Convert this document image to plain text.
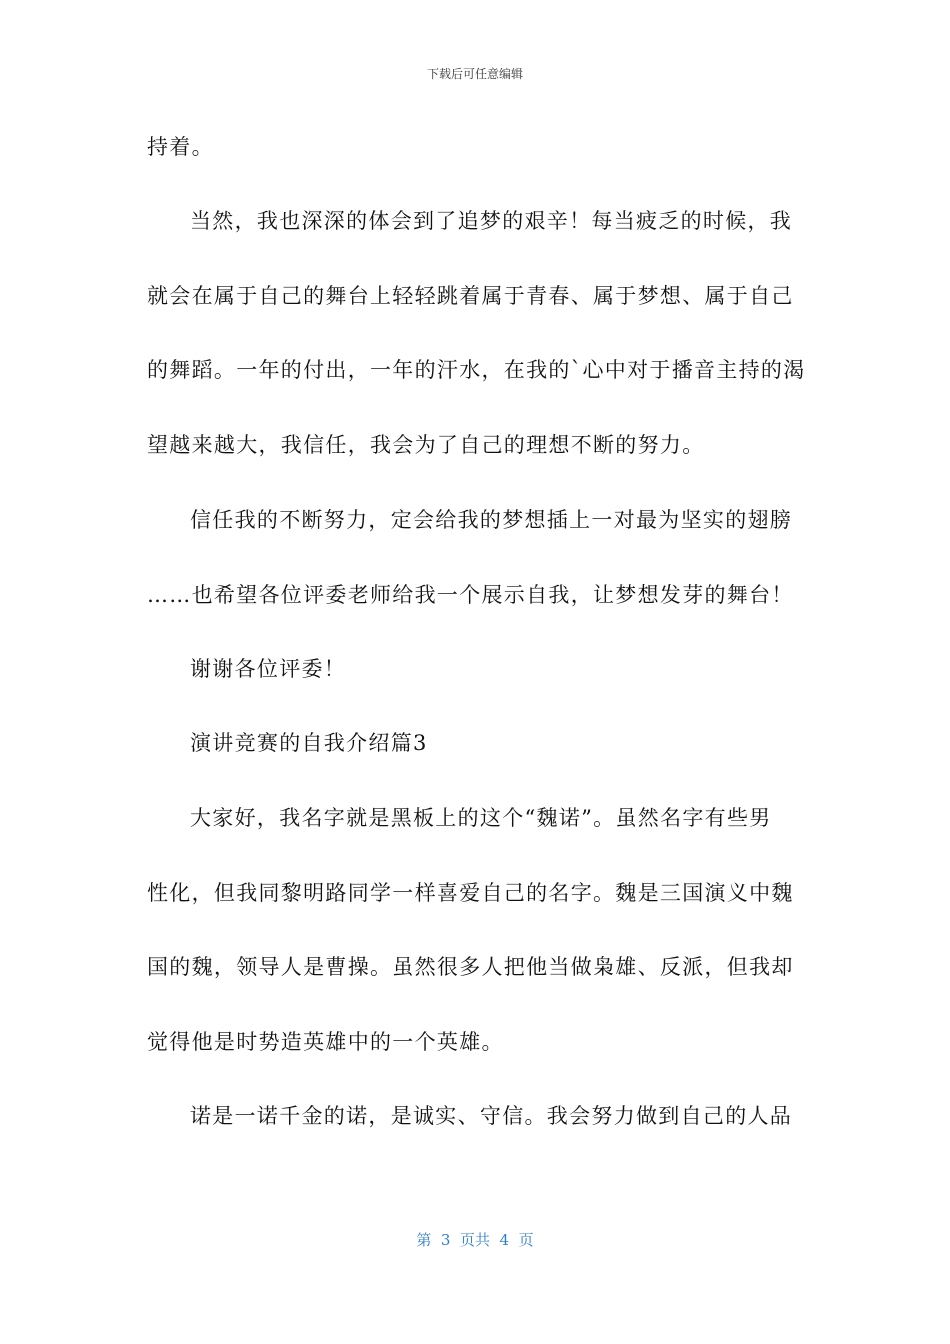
下载后可任意编辑
持着。
当然，我也深深的体会到了追梦的艰辛！每当疲乏的时候，我
就会在属于自己的舞台上轻轻跳着属于青春、属于梦想、属于自己
的舞蹈。一年的付出，一年的汗水，在我的`心中对于播音主持的渴
望越来越大，我信任，我会为了自己的理想不断的努力。
信任我的不断努力，定会给我的梦想插上一对最为坚实的翅膀
……也希望各位评委老师给我一个展示自我，让梦想发芽的舞台！
谢谢各位评委！
演讲竞赛的自我介绍篇3
大家好，我名字就是黑板上的这个“魏诺”。虽然名字有些男
性化，但我同黎明路同学一样喜爱自己的名字。魏是三国演义中魏
国的魏，领导人是曹操。虽然很多人把他当做枭雄、反派，但我却
觉得他是时势造英雄中的一个英雄。
诺是一诺千金的诺，是诚实、守信。我会努力做到自己的人品
第  3  页共  4  页
